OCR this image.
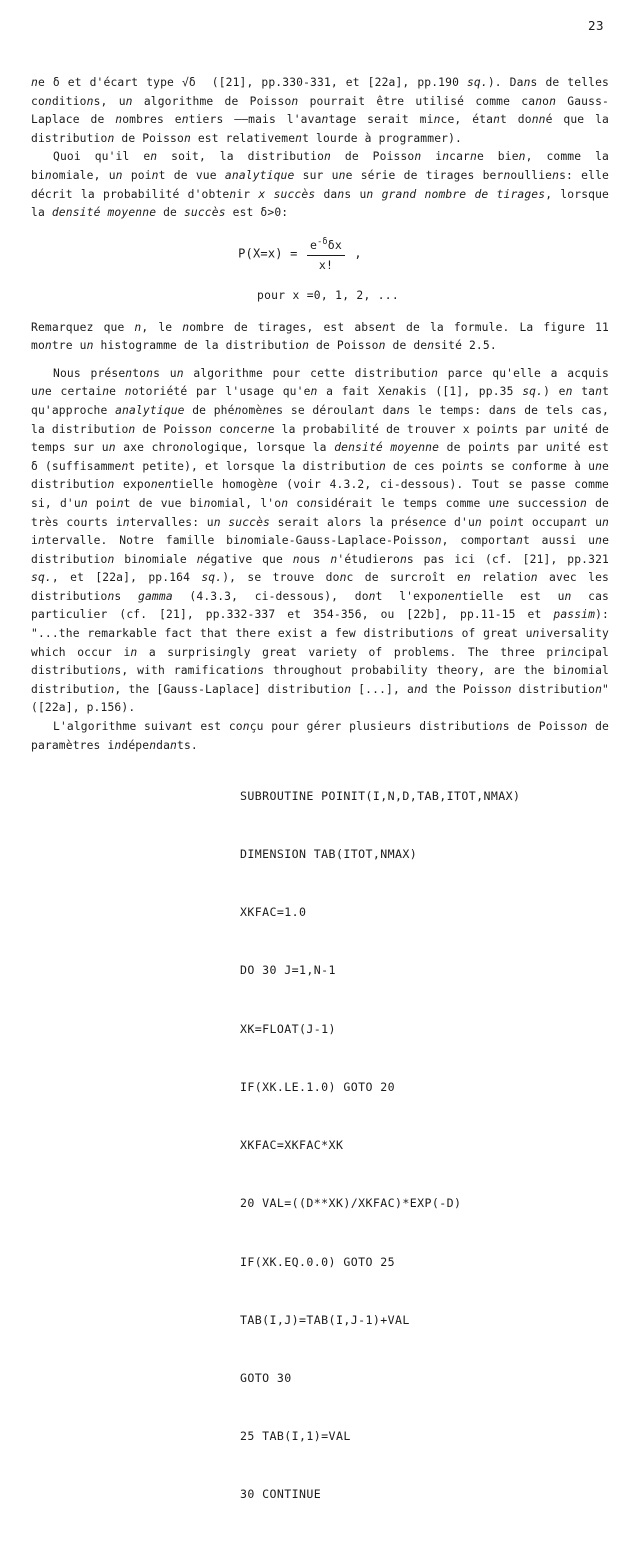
23

ne δ et d'écart type √δ  ([21], pp.330-331, et [22a], pp.190 sq.). Dans de telles conditions, un algorithme de Poisson pourrait être utilisé comme canon Gauss-Laplace de nombres entiers ——mais l'avantage serait mince, étant donné que la distribution de Poisson est relativement lourde à programmer).

Quoi qu'il en soit, la distribution de Poisson incarne bien, comme la binomiale, un point de vue analytique sur une série de tirages bernoulliens: elle décrit la probabilité d'obtenir x succès dans un grand nombre de tirages, lorsque la densité moyenne de succès est δ>0:

$P(X=x) = \frac{e^{-\delta}\delta x}{x!}$ ,
pour x =0, 1, 2, ...

Remarquez que n, le nombre de tirages, est absent de la formule. La figure 11 montre un histogramme de la distribution de Poisson de densité 2.5.

Nous présentons un algorithme pour cette distribution parce qu'elle a acquis une certaine notoriété par l'usage qu'en a fait Xenakis ([1], pp.35 sq.) en tant qu'approche analytique de phénomènes se déroulant dans le temps: dans de tels cas, la distribution de Poisson concerne la probabilité de trouver x points par unité de temps sur un axe chronologique, lorsque la densité moyenne de points par unité est δ (suffisamment petite), et lorsque la distribution de ces points se conforme à une distribution exponentielle homogène (voir 4.3.2, ci-dessous). Tout se passe comme si, d'un point de vue binomial, l'on considérait le temps comme une succession de très courts intervalles: un succès serait alors la présence d'un point occupant un intervalle. Notre famille binomiale-Gauss-Laplace-Poisson, comportant aussi une distribution binomiale négative que nous n'étudierons pas ici (cf. [21], pp.321 sq., et [22a], pp.164 sq.), se trouve donc de surcroît en relation avec les distributions gamma (4.3.3, ci-dessous), dont l'exponentielle est un cas particulier (cf. [21], pp.332-337 et 354-356, ou [22b], pp.11-15 et passim): "...the remarkable fact that there exist a few distributions of great universality which occur in a surprisingly great variety of problems. The three principal distributions, with ramifications throughout probability theory, are the binomial distribution, the [Gauss-Laplace] distribution [...], and the Poisson distribution" ([22a], p.156).

L'algorithme suivant est conçu pour gérer plusieurs distributions de Poisson de paramètres indépendants.

SUBROUTINE POINIT(I,N,D,TAB,ITOT,NMAX)

DIMENSION TAB(ITOT,NMAX)

XKFAC=1.0

DO 30 J=1,N-1

XK=FLOAT(J-1)

IF(XK.LE.1.0) GOTO 20

XKFAC=XKFAC*XK

20 VAL=((D**XK)/XKFAC)*EXP(-D)

IF(XK.EQ.0.0) GOTO 25

TAB(I,J)=TAB(I,J-1)+VAL

GOTO 30

25 TAB(I,1)=VAL

30 CONTINUE
